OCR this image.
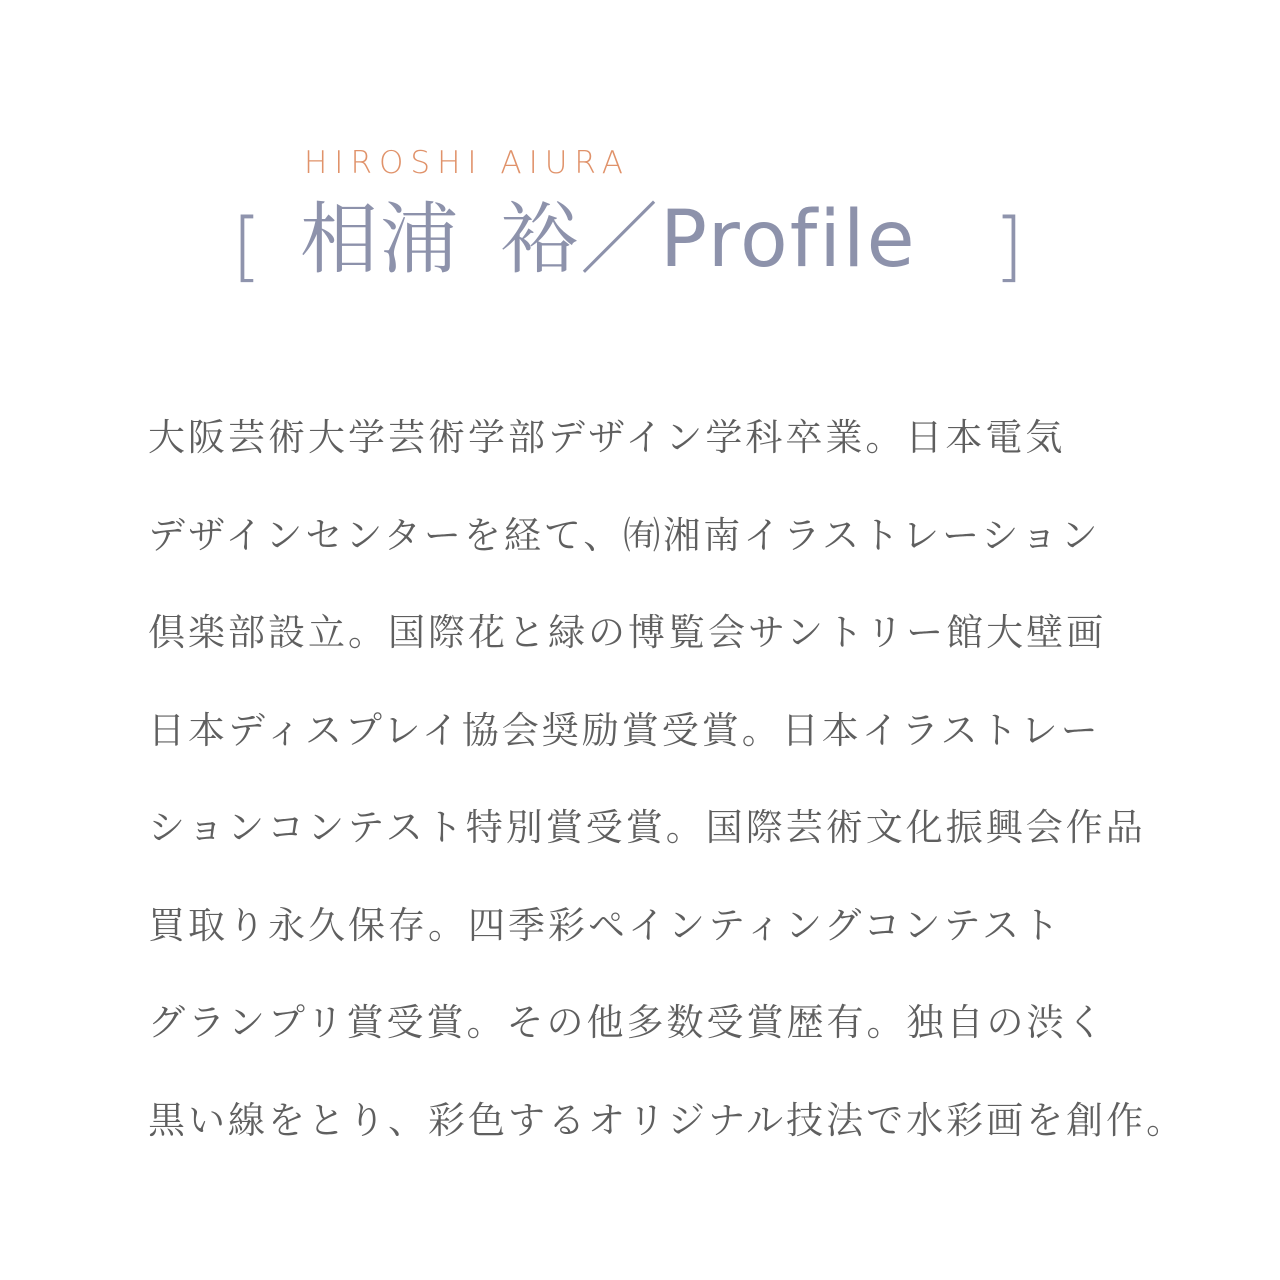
HIROSHI AIURA
[ 相浦 裕／Profile ]
大阪芸術大学芸術学部デザイン学科卒業。日本電気
デザインセンターを経て、㈲湘南イラストレーション
倶楽部設立。国際花と緑の博覧会サントリー館大壁画
日本ディスプレイ協会奨励賞受賞。日本イラストレー
ションコンテスト特別賞受賞。国際芸術文化振興会作品
買取り永久保存。四季彩ペインティングコンテスト
グランプリ賞受賞。その他多数受賞歴有。独自の渋く
黒い線をとり、彩色するオリジナル技法で水彩画を創作。
